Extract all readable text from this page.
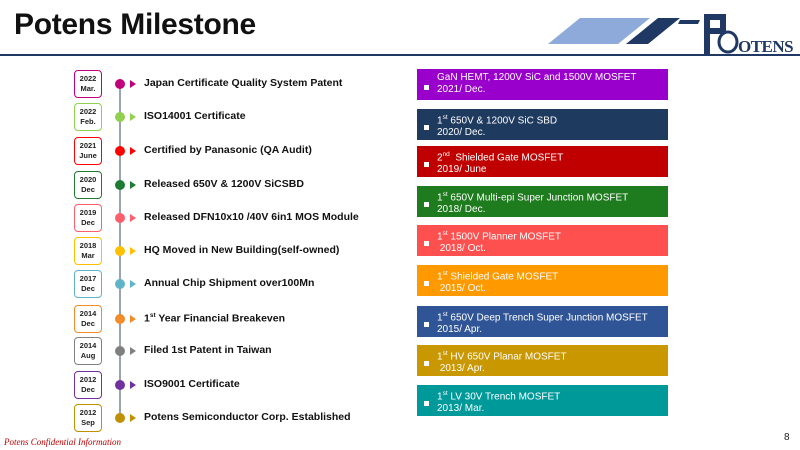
Potens Milestone
OTENS
2022
Mar.	Japan Certificate Quality System Patent
2022
Feb.	ISO14001 Certificate
2021
June	Certified by Panasonic (QA Audit)
2020
Dec	Released 650V & 1200V SiCSBD
2019
Dec	Released DFN10x10 /40V 6in1 MOS Module
2018
Mar	HQ Moved in New Building(self-owned)
2017
Dec	Annual Chip Shipment over100Mn
2014
Dec	1st Year Financial Breakeven
2014
Aug	Filed 1st Patent in Taiwan
2012
Dec	ISO9001 Certificate
2012
Sep	Potens Semiconductor Corp. Established
GaN HEMT, 1200V SiC and 1500V MOSFET
2021/ Dec.
1st 650V & 1200V SiC SBD
2020/ Dec.
2nd  Shielded Gate MOSFET
2019/ June
1st 650V Multi-epi Super Junction MOSFET
2018/ Dec.
1st 1500V Planner MOSFET
2018/ Oct.
1st Shielded Gate MOSFET
2015/ Oct.
1st 650V Deep Trench Super Junction MOSFET
2015/ Apr.
1st HV 650V Planar MOSFET
2013/ Apr.
1st LV 30V Trench MOSFET
2013/ Mar.
Potens Confidential Information	8
